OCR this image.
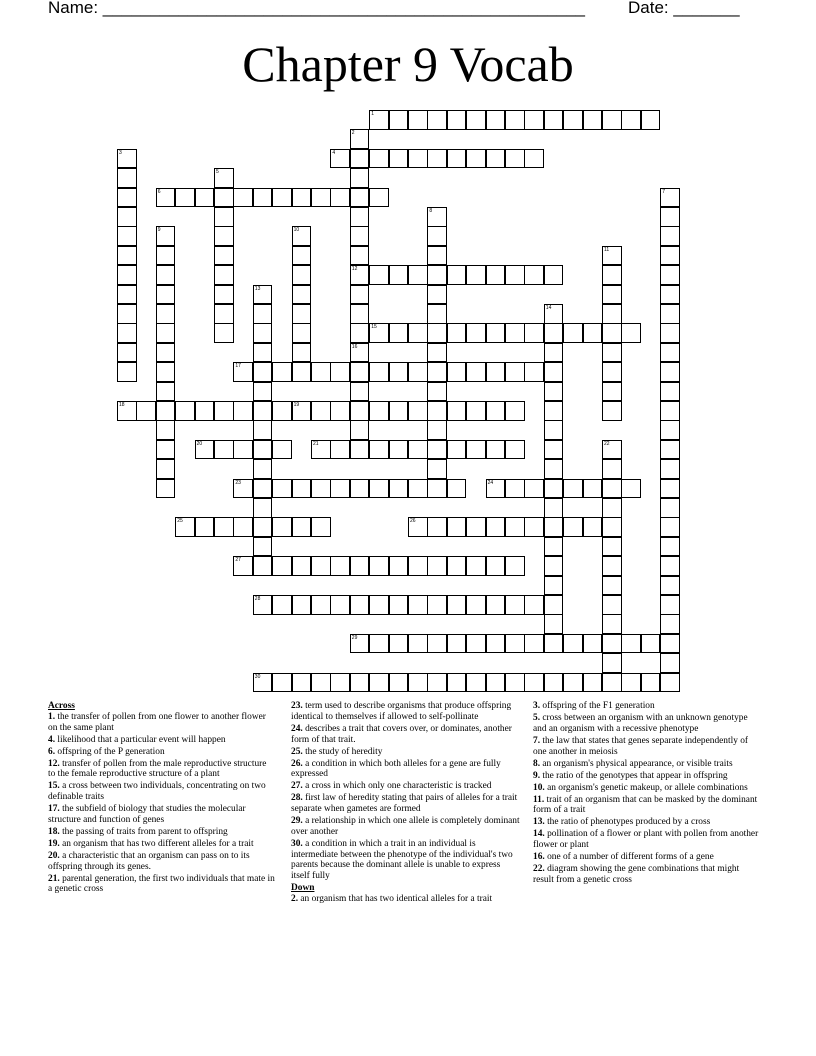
Name: ___________________________________________________	Date: _______
Chapter 9 Vocab
1
4
6
12
15
17
18	19
20	21
23	24
25	26
27
28
29
30
2
16
3
5
7
8
9	10
11
13
14
22
Across
1. the transfer of pollen from one flower to another flower on the same plant
4. likelihood that a particular event will happen
6. offspring of the P generation
12. transfer of pollen from the male reproductive structure to the female reproductive structure of a plant
15. a cross between two individuals, concentrating on two definable traits
17. the subfield of biology that studies the molecular structure and function of genes
18. the passing of traits from parent to offspring
19. an organism that has two different alleles for a trait
20. a characteristic that an organism can pass on to its offspring through its genes.
21. parental generation, the first two individuals that mate in a genetic cross
23. term used to describe organisms that produce offspring identical to themselves if allowed to self-pollinate
24. describes a trait that covers over, or dominates, another form of that trait.
25. the study of heredity
26. a condition in which both alleles for a gene are fully expressed
27. a cross in which only one characteristic is tracked
28. first law of heredity stating that pairs of alleles for a trait separate when gametes are formed
29. a relationship in which one allele is completely dominant over another
30. a condition in which a trait in an individual is intermediate between the phenotype of the individual's two parents because the dominant allele is unable to express itself fully
Down
2. an organism that has two identical alleles for a trait
3. offspring of the F1 generation
5. cross between an organism with an unknown genotype and an organism with a recessive phenotype
7. the law that states that genes separate independently of one another in meiosis
8. an organism's physical appearance, or visible traits
9. the ratio of the genotypes that appear in offspring
10. an organism's genetic makeup, or allele combinations
11. trait of an organism that can be masked by the dominant form of a trait
13. the ratio of phenotypes produced by a cross
14. pollination of a flower or plant with pollen from another flower or plant
16. one of a number of different forms of a gene
22. diagram showing the gene combinations that might result from a genetic cross
